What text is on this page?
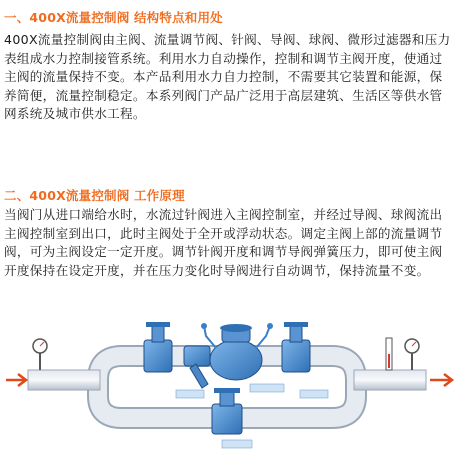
一、400X流量控制阀 结构特点和用处
400X流量控制阀由主阀、流量调节阀、针阀、导阀、球阀、微形过滤器和压力表组成水力控制接管系统。利用水力自动操作，控制和调节主阀开度，使通过主阀的流量保持不变。本产品利用水力自力控制，不需要其它装置和能源，保养简便，流量控制稳定。本系列阀门产品广泛用于高层建筑、生活区等供水管网系统及城市供水工程。
二、400X流量控制阀 工作原理
当阀门从进口端给水时，水流过针阀进入主阀控制室，并经过导阀、球阀流出主阀控制室到出口，此时主阀处于全开或浮动状态。调定主阀上部的流量调节阀，可为主阀设定一定开度。调节针阀开度和调节导阀弹簧压力，即可使主阀开度保持在设定开度，并在压力变化时导阀进行自动调节，保持流量不变。
